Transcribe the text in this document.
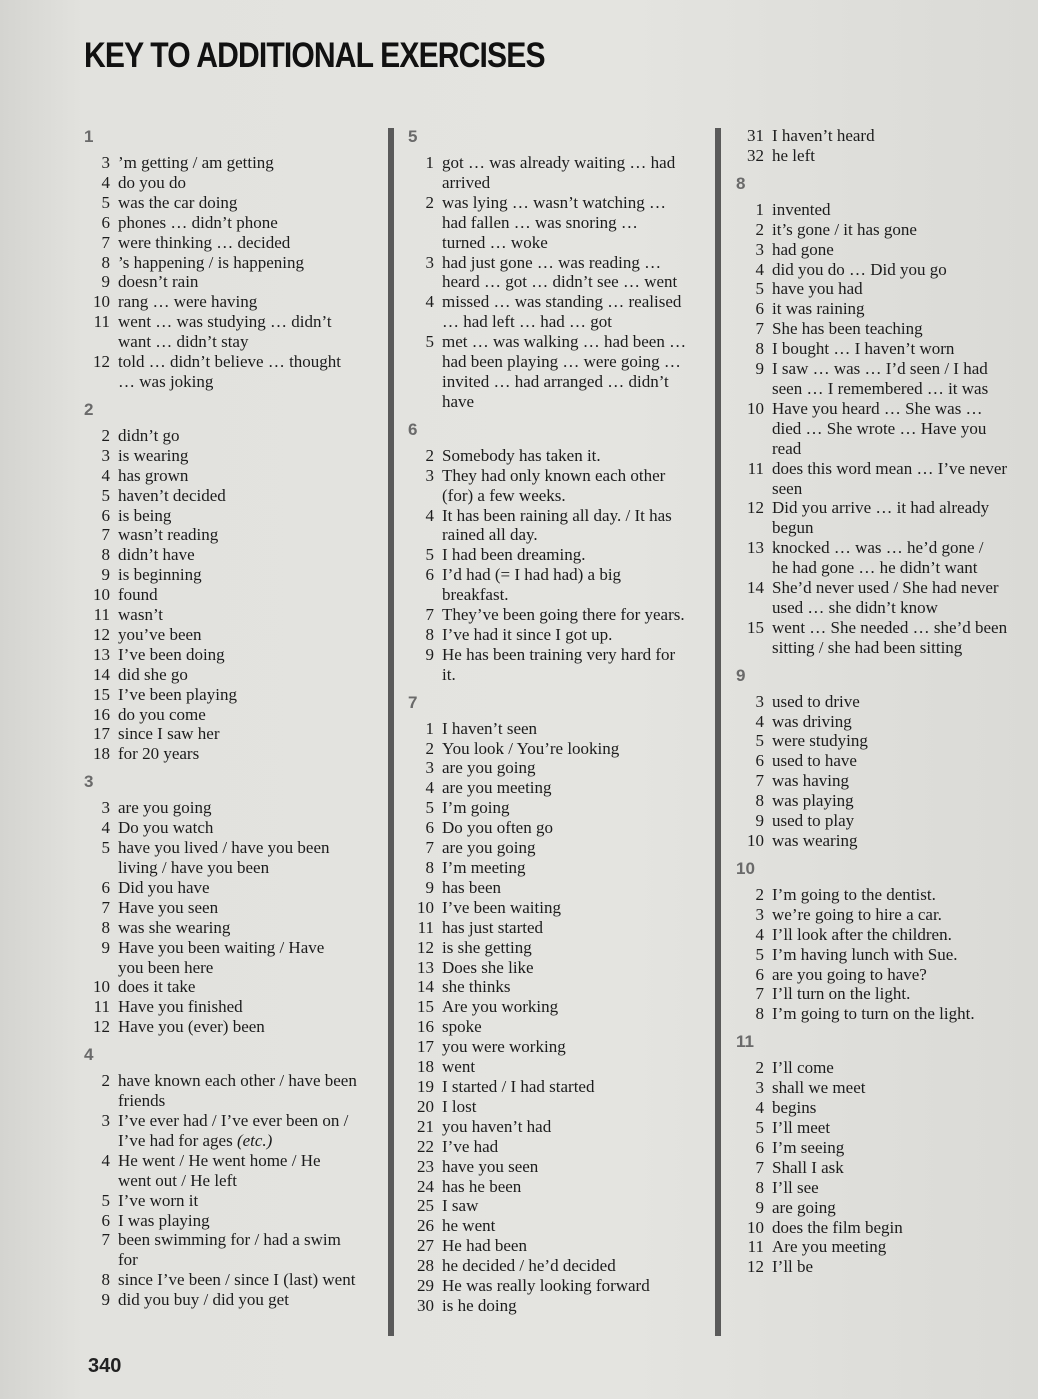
KEY TO ADDITIONAL EXERCISES
1
3 ’m getting / am getting
4 do you do
5 was the car doing
6 phones … didn’t phone
7 were thinking … decided
8 ’s happening / is happening
9 doesn’t rain
10 rang … were having
11 went … was studying … didn’t
want … didn’t stay
12 told … didn’t believe … thought
… was joking
2
2 didn’t go
3 is wearing
4 has grown
5 haven’t decided
6 is being
7 wasn’t reading
8 didn’t have
9 is beginning
10 found
11 wasn’t
12 you’ve been
13 I’ve been doing
14 did she go
15 I’ve been playing
16 do you come
17 since I saw her
18 for 20 years
3
3 are you going
4 Do you watch
5 have you lived / have you been
living / have you been
6 Did you have
7 Have you seen
8 was she wearing
9 Have you been waiting / Have
you been here
10 does it take
11 Have you finished
12 Have you (ever) been
4
2 have known each other / have been
friends
3 I’ve ever had / I’ve ever been on /
I’ve had for ages (etc.)
4 He went / He went home / He
went out / He left
5 I’ve worn it
6 I was playing
7 been swimming for / had a swim
for
8 since I’ve been / since I (last) went
9 did you buy / did you get
5
1 got … was already waiting … had
arrived
2 was lying … wasn’t watching …
had fallen … was snoring …
turned … woke
3 had just gone … was reading …
heard … got … didn’t see … went
4 missed … was standing … realised
… had left … had … got
5 met … was walking … had been …
had been playing … were going …
invited … had arranged … didn’t
have
6
2 Somebody has taken it.
3 They had only known each other
(for) a few weeks.
4 It has been raining all day. / It has
rained all day.
5 I had been dreaming.
6 I’d had (= I had had) a big
breakfast.
7 They’ve been going there for years.
8 I’ve had it since I got up.
9 He has been training very hard for
it.
7
1 I haven’t seen
2 You look / You’re looking
3 are you going
4 are you meeting
5 I’m going
6 Do you often go
7 are you going
8 I’m meeting
9 has been
10 I’ve been waiting
11 has just started
12 is she getting
13 Does she like
14 she thinks
15 Are you working
16 spoke
17 you were working
18 went
19 I started / I had started
20 I lost
21 you haven’t had
22 I’ve had
23 have you seen
24 has he been
25 I saw
26 he went
27 He had been
28 he decided / he’d decided
29 He was really looking forward
30 is he doing
31 I haven’t heard
32 he left
8
1 invented
2 it’s gone / it has gone
3 had gone
4 did you do … Did you go
5 have you had
6 it was raining
7 She has been teaching
8 I bought … I haven’t worn
9 I saw … was … I’d seen / I had
seen … I remembered … it was
10 Have you heard … She was …
died … She wrote … Have you
read
11 does this word mean … I’ve never
seen
12 Did you arrive … it had already
begun
13 knocked … was … he’d gone /
he had gone … he didn’t want
14 She’d never used / She had never
used … she didn’t know
15 went … She needed … she’d been
sitting / she had been sitting
9
3 used to drive
4 was driving
5 were studying
6 used to have
7 was having
8 was playing
9 used to play
10 was wearing
10
2 I’m going to the dentist.
3 we’re going to hire a car.
4 I’ll look after the children.
5 I’m having lunch with Sue.
6 are you going to have?
7 I’ll turn on the light.
8 I’m going to turn on the light.
11
2 I’ll come
3 shall we meet
4 begins
5 I’ll meet
6 I’m seeing
7 Shall I ask
8 I’ll see
9 are going
10 does the film begin
11 Are you meeting
12 I’ll be
340
